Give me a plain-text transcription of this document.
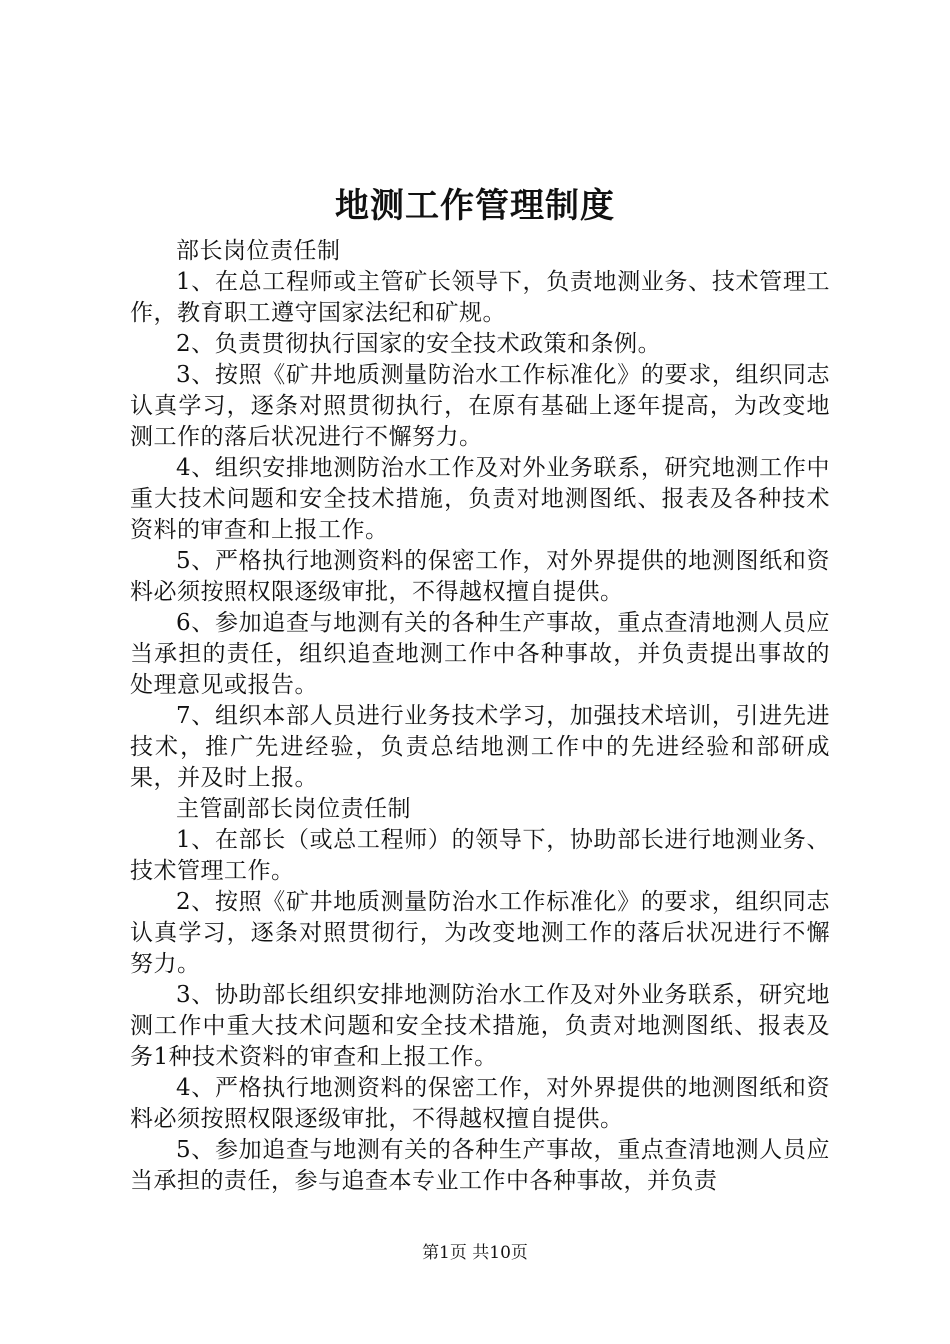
地测工作管理制度

部长岗位责任制

1、在总工程师或主管矿长领导下，负责地测业务、技术管理工作，教育职工遵守国家法纪和矿规。

2、负责贯彻执行国家的安全技术政策和条例。

3、按照《矿井地质测量防治水工作标准化》的要求，组织同志认真学习，逐条对照贯彻执行，在原有基础上逐年提高，为改变地测工作的落后状况进行不懈努力。

4、组织安排地测防治水工作及对外业务联系，研究地测工作中重大技术问题和安全技术措施，负责对地测图纸、报表及各种技术资料的审查和上报工作。

5、严格执行地测资料的保密工作，对外界提供的地测图纸和资料必须按照权限逐级审批，不得越权擅自提供。

6、参加追查与地测有关的各种生产事故，重点查清地测人员应当承担的责任，组织追查地测工作中各种事故，并负责提出事故的处理意见或报告。

7、组织本部人员进行业务技术学习，加强技术培训，引进先进技术，推广先进经验，负责总结地测工作中的先进经验和部研成果，并及时上报。

主管副部长岗位责任制

1、在部长（或总工程师）的领导下，协助部长进行地测业务、技术管理工作。

2、按照《矿井地质测量防治水工作标准化》的要求，组织同志认真学习，逐条对照贯彻行，为改变地测工作的落后状况进行不懈努力。

3、协助部长组织安排地测防治水工作及对外业务联系，研究地测工作中重大技术问题和安全技术措施，负责对地测图纸、报表及务1种技术资料的审查和上报工作。

4、严格执行地测资料的保密工作，对外界提供的地测图纸和资料必须按照权限逐级审批，不得越权擅自提供。

5、参加追查与地测有关的各种生产事故，重点查清地测人员应当承担的责任，参与追查本专业工作中各种事故，并负责

第1页 共10页
